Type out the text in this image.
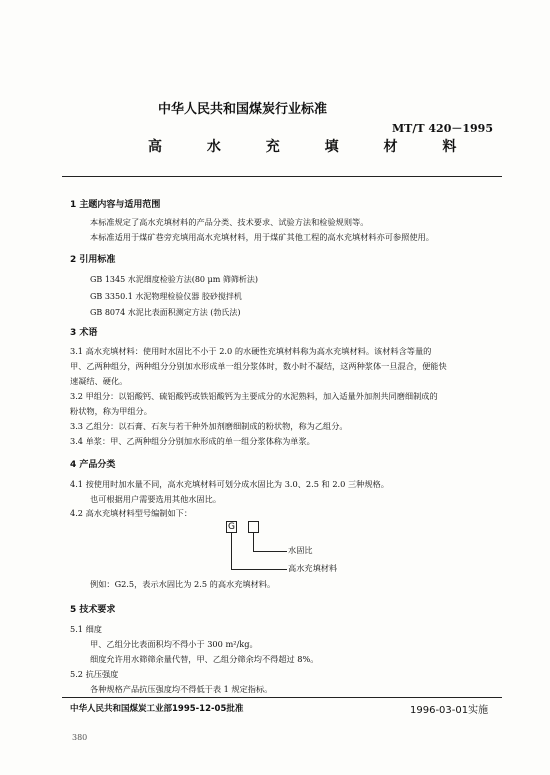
中华人民共和国煤炭行业标准
MT/T 420－1995
高 水 充 填 材 料
1 主题内容与适用范围
本标准规定了高水充填材料的产品分类、技术要求、试验方法和检验规则等。
本标准适用于煤矿巷旁充填用高水充填材料，用于煤矿其他工程的高水充填材料亦可参照使用。
2 引用标准
GB 1345 水泥细度检验方法(80 μm 筛筛析法)
GB 3350.1 水泥物理检验仪器 胶砂搅拌机
GB 8074 水泥比表面积测定方法 (勃氏法)
3 术语
3.1 高水充填材料：使用时水固比不小于 2.0 的水硬性充填材料称为高水充填材料。该材料含等量的
甲、乙两种组分，两种组分分别加水形成单一组分浆体时，数小时不凝结，这两种浆体一旦混合，便能快
速凝结、硬化。
3.2 甲组分：以铝酸钙、硫铝酸钙或铁铝酸钙为主要成分的水泥熟料，加入适量外加剂共同磨细制成的
粉状物，称为甲组分。
3.3 乙组分：以石膏、石灰与若干种外加剂磨细制成的粉状物，称为乙组分。
3.4 单浆：甲、乙两种组分分别加水形成的单一组分浆体称为单浆。
4 产品分类
4.1 按使用时加水量不同，高水充填材料可划分成水固比为 3.0、2.5 和 2.0 三种规格。
也可根据用户需要选用其他水固比。
4.2 高水充填材料型号编制如下：
G
水固比
高水充填材料
例如：G2.5，表示水固比为 2.5 的高水充填材料。
5 技术要求
5.1 细度
甲、乙组分比表面积均不得小于 300 m²/kg。
细度允许用水筛筛余量代替，甲、乙组分筛余均不得超过 8%。
5.2 抗压强度
各种规格产品抗压强度均不得低于表 1 规定指标。
中华人民共和国煤炭工业部1995-12-05批准	1996-03-01实施
380
